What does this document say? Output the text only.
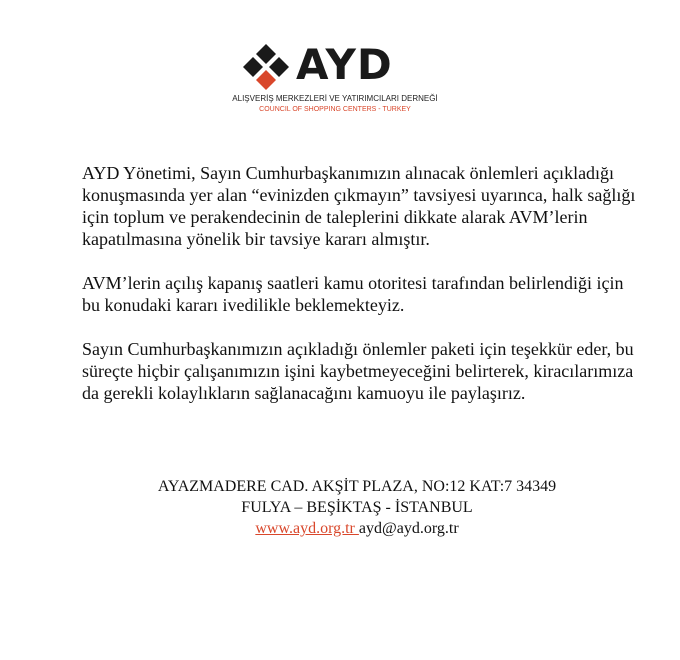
AYD
ALIŞVERİŞ MERKEZLERİ VE YATIRIMCILARI DERNEĞİ
COUNCIL OF SHOPPING CENTERS - TURKEY

AYD Yönetimi, Sayın Cumhurbaşkanımızın alınacak önlemleri açıkladığı konuşmasında yer alan “evinizden çıkmayın” tavsiyesi uyarınca, halk sağlığı için toplum ve perakendecinin de taleplerini dikkate alarak AVM’lerin kapatılmasına yönelik bir tavsiye kararı almıştır.

AVM’lerin açılış kapanış saatleri kamu otoritesi tarafından belirlendiği için bu konudaki kararı ivedilikle beklemekteyiz.

Sayın Cumhurbaşkanımızın açıkladığı önlemler paketi için teşekkür eder, bu süreçte hiçbir çalışanımızın işini kaybetmeyeceğini belirterek, kiracılarımıza da gerekli kolaylıkların sağlanacağını kamuoyu ile paylaşırız.

AYAZMADERE CAD. AKŞİT PLAZA, NO:12 KAT:7 34349
FULYA – BEŞİKTAŞ - İSTANBUL
www.ayd.org.tr ayd@ayd.org.tr
